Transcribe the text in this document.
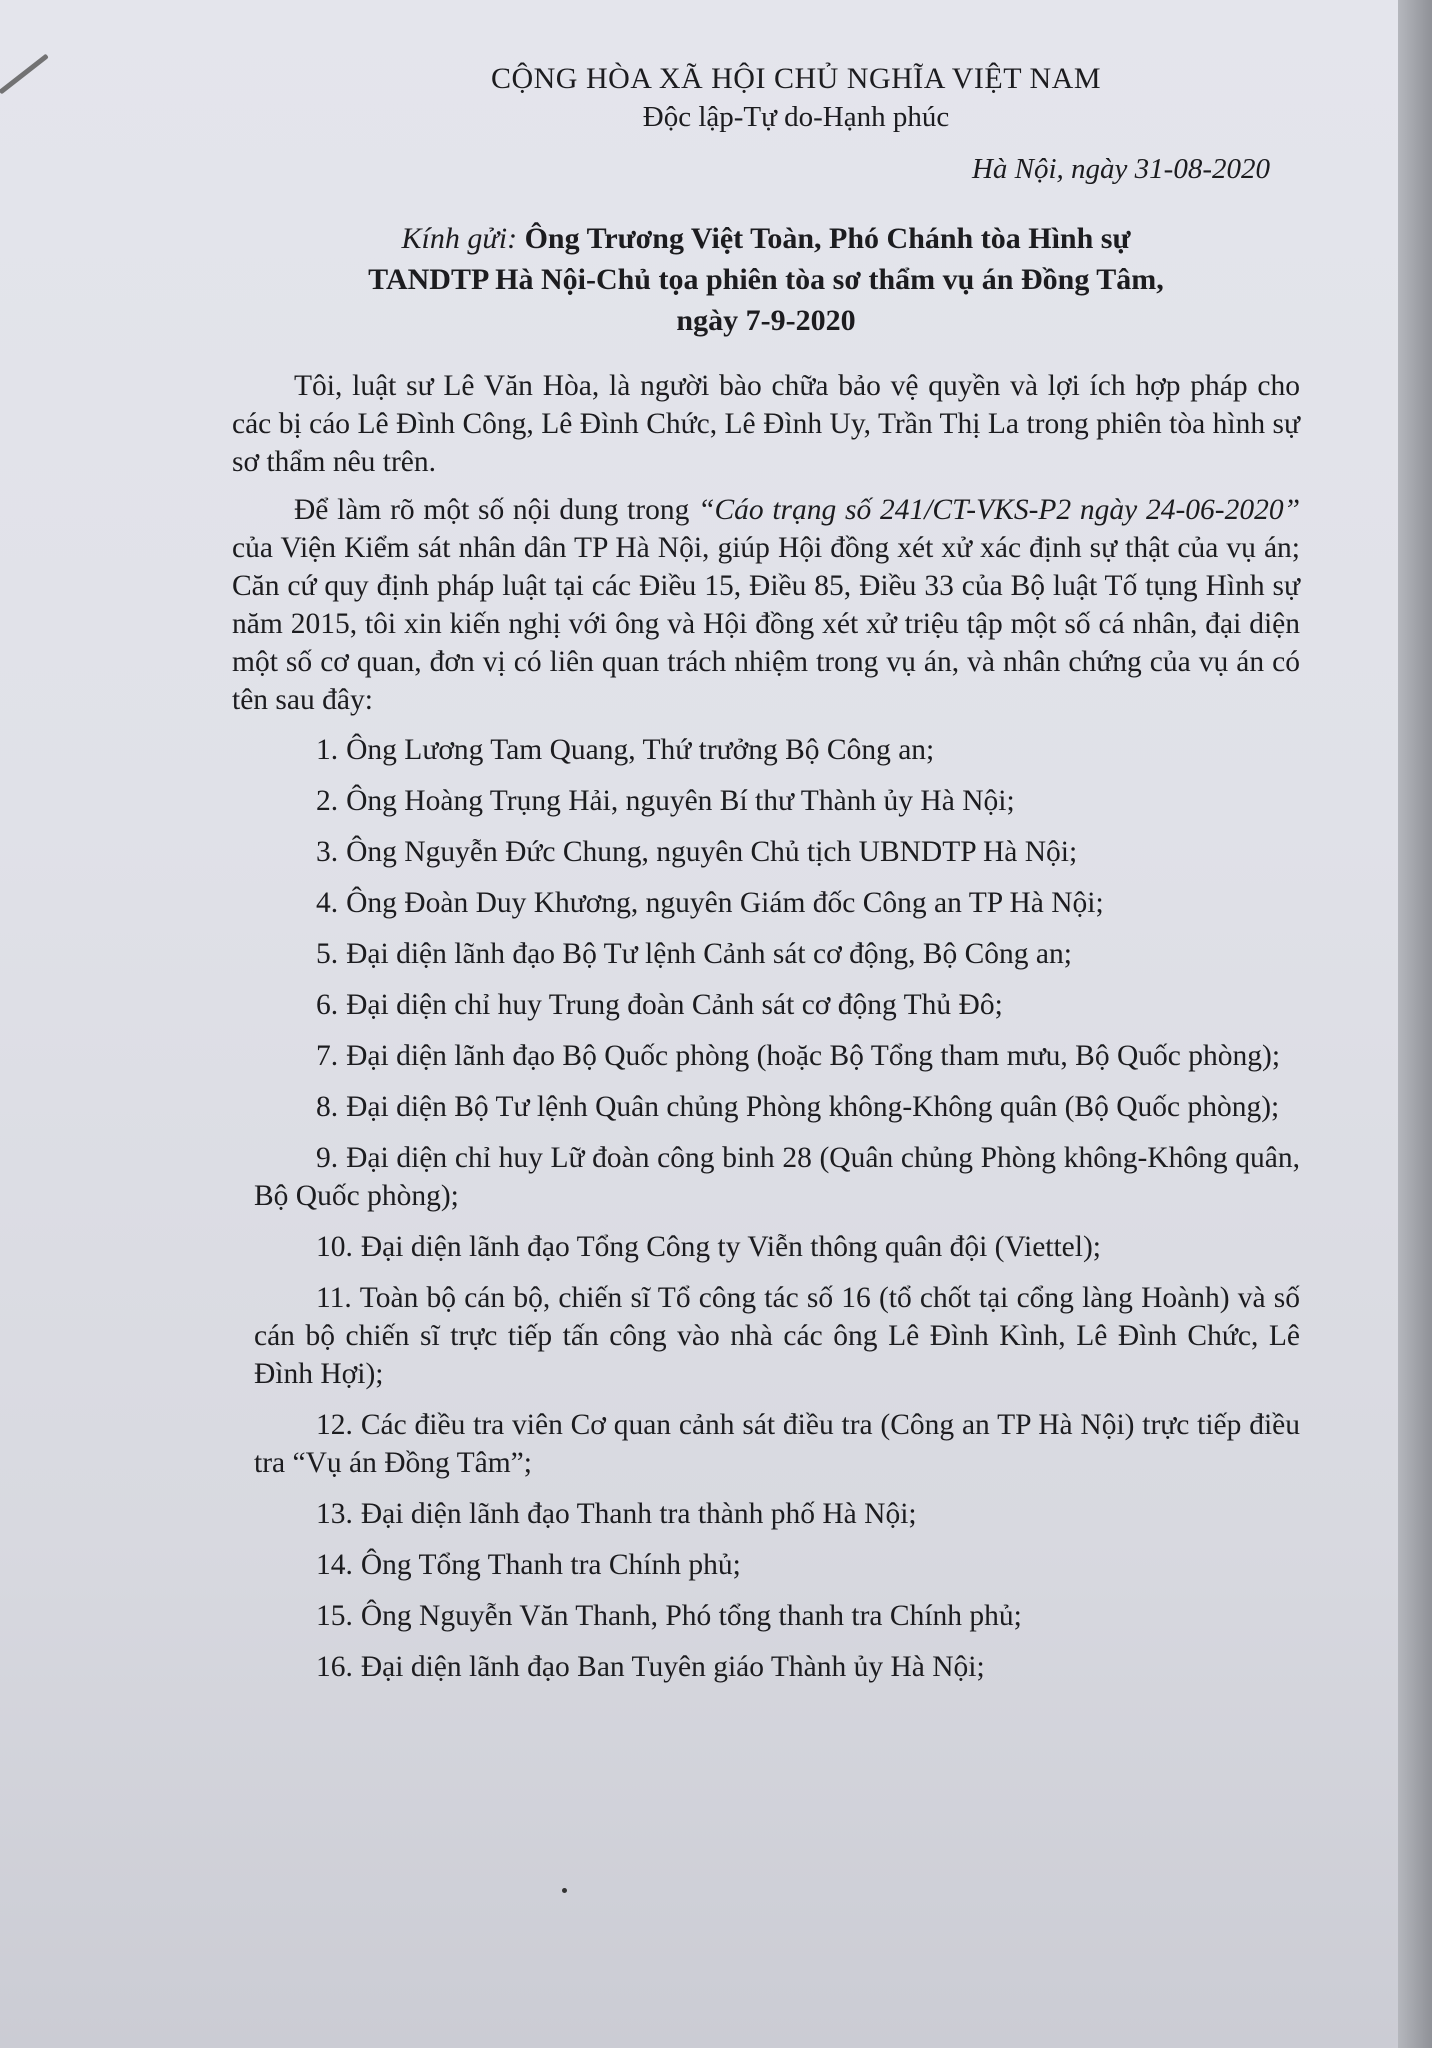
CỘNG HÒA XÃ HỘI CHỦ NGHĨA VIỆT NAM

Độc lập-Tự do-Hạnh phúc

Hà Nội, ngày 31-08-2020

Kính gửi: Ông Trương Việt Toàn, Phó Chánh tòa Hình sự
TANDTP Hà Nội-Chủ tọa phiên tòa sơ thẩm vụ án Đồng Tâm,
ngày 7-9-2020

Tôi, luật sư Lê Văn Hòa, là người bào chữa bảo vệ quyền và lợi ích hợp pháp cho các bị cáo Lê Đình Công, Lê Đình Chức, Lê Đình Uy, Trần Thị La trong phiên tòa hình sự sơ thẩm nêu trên.

Để làm rõ một số nội dung trong “Cáo trạng số 241/CT-VKS-P2 ngày 24-06-2020” của Viện Kiểm sát nhân dân TP Hà Nội, giúp Hội đồng xét xử xác định sự thật của vụ án; Căn cứ quy định pháp luật tại các Điều 15, Điều 85, Điều 33 của Bộ luật Tố tụng Hình sự năm 2015, tôi xin kiến nghị với ông và Hội đồng xét xử triệu tập một số cá nhân, đại diện một số cơ quan, đơn vị có liên quan trách nhiệm trong vụ án, và nhân chứng của vụ án có tên sau đây:

1. Ông Lương Tam Quang, Thứ trưởng Bộ Công an;
2. Ông Hoàng Trụng Hải, nguyên Bí thư Thành ủy Hà Nội;
3. Ông Nguyễn Đức Chung, nguyên Chủ tịch UBNDTP Hà Nội;
4. Ông Đoàn Duy Khương, nguyên Giám đốc Công an TP Hà Nội;
5. Đại diện lãnh đạo Bộ Tư lệnh Cảnh sát cơ động, Bộ Công an;
6. Đại diện chỉ huy Trung đoàn Cảnh sát cơ động Thủ Đô;
7. Đại diện lãnh đạo Bộ Quốc phòng (hoặc Bộ Tổng tham mưu, Bộ Quốc phòng);
8. Đại diện Bộ Tư lệnh Quân chủng Phòng không-Không quân (Bộ Quốc phòng);
9. Đại diện chỉ huy Lữ đoàn công binh 28 (Quân chủng Phòng không-Không quân, Bộ Quốc phòng);
10. Đại diện lãnh đạo Tổng Công ty Viễn thông quân đội (Viettel);
11. Toàn bộ cán bộ, chiến sĩ Tổ công tác số 16 (tổ chốt tại cổng làng Hoành) và số cán bộ chiến sĩ trực tiếp tấn công vào nhà các ông Lê Đình Kình, Lê Đình Chức, Lê Đình Hợi);
12. Các điều tra viên Cơ quan cảnh sát điều tra (Công an TP Hà Nội) trực tiếp điều tra “Vụ án Đồng Tâm”;
13. Đại diện lãnh đạo Thanh tra thành phố Hà Nội;
14. Ông Tổng Thanh tra Chính phủ;
15. Ông Nguyễn Văn Thanh, Phó tổng thanh tra Chính phủ;
16. Đại diện lãnh đạo Ban Tuyên giáo Thành ủy Hà Nội;
